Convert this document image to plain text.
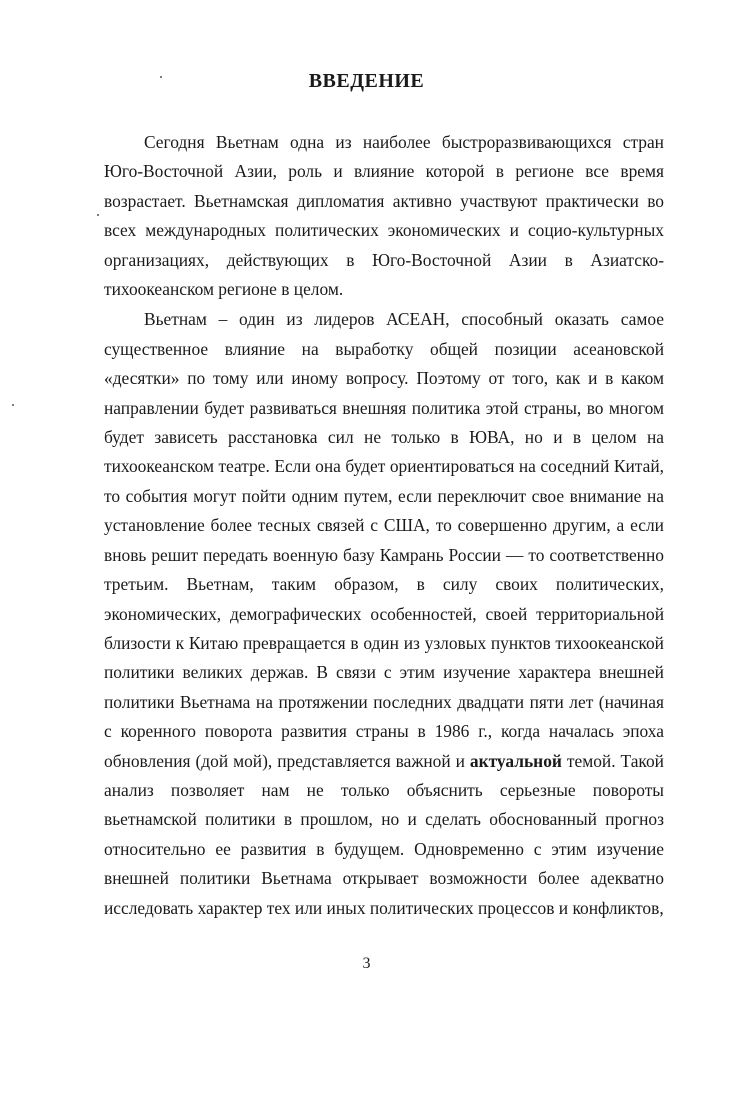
ВВЕДЕНИЕ

Сегодня Вьетнам одна из наиболее быстроразвивающихся стран Юго-Восточной Азии, роль и влияние которой в регионе все время возрастает. Вьетнамская дипломатия активно участвуют практически во всех международных политических экономических и социо-культурных организациях, действующих в Юго-Восточной Азии в Азиатско-тихоокеанском регионе в целом.

Вьетнам – один из лидеров АСЕАН, способный оказать самое существенное влияние на выработку общей позиции асеановской «десятки» по тому или иному вопросу. Поэтому от того, как и в каком направлении будет развиваться внешняя политика этой страны, во многом будет зависеть расстановка сил не только в ЮВА, но и в целом на тихоокеанском театре. Если она будет ориентироваться на соседний Китай, то события могут пойти одним путем, если переключит свое внимание на установление более тесных связей с США, то совершенно другим, а если вновь решит передать военную базу Камрань России — то соответственно третьим. Вьетнам, таким образом, в силу своих политических, экономических, демографических особенностей, своей территориальной близости к Китаю превращается в один из узловых пунктов тихоокеанской политики великих держав. В связи с этим изучение характера внешней политики Вьетнама на протяжении последних двадцати пяти лет (начиная с коренного поворота развития страны в 1986 г., когда началась эпоха обновления (дой мой), представляется важной и актуальной темой. Такой анализ позволяет нам не только объяснить серьезные повороты вьетнамской политики в прошлом, но и сделать обоснованный прогноз относительно ее развития в будущем. Одновременно с этим изучение внешней политики Вьетнама открывает возможности более адекватно исследовать характер тех или иных политических процессов и конфликтов,

3
